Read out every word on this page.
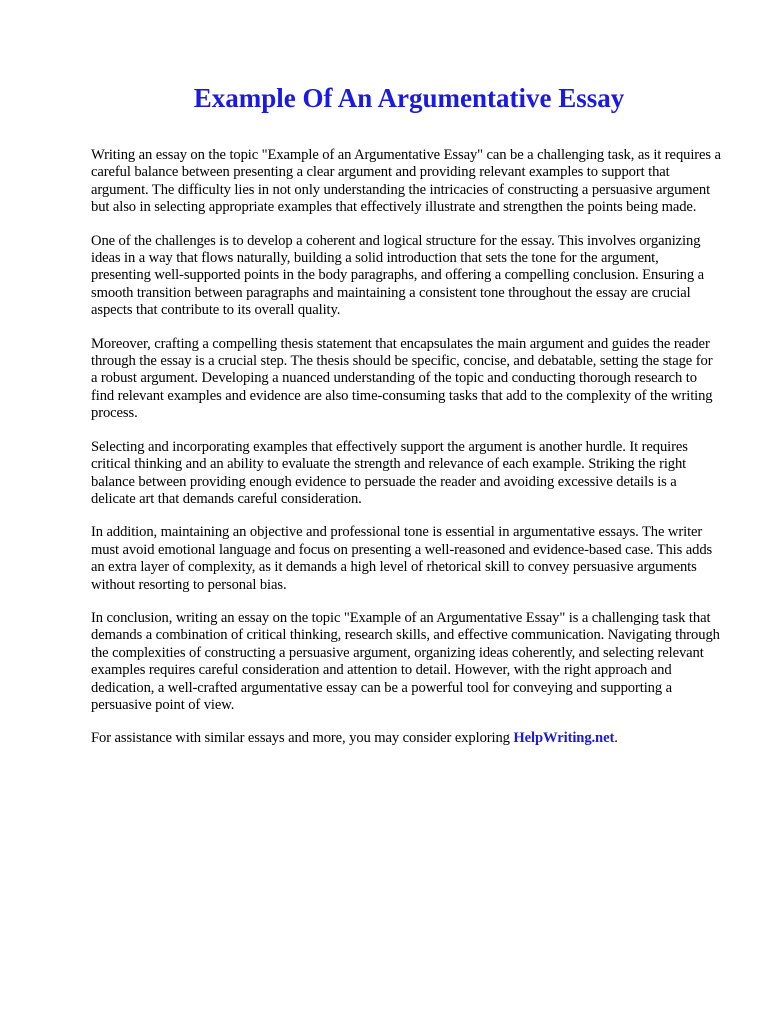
Example Of An Argumentative Essay

Writing an essay on the topic "Example of an Argumentative Essay" can be a challenging task, as it requires a careful balance between presenting a clear argument and providing relevant examples to support that argument. The difficulty lies in not only understanding the intricacies of constructing a persuasive argument but also in selecting appropriate examples that effectively illustrate and strengthen the points being made.

One of the challenges is to develop a coherent and logical structure for the essay. This involves organizing ideas in a way that flows naturally, building a solid introduction that sets the tone for the argument, presenting well-supported points in the body paragraphs, and offering a compelling conclusion. Ensuring a smooth transition between paragraphs and maintaining a consistent tone throughout the essay are crucial aspects that contribute to its overall quality.

Moreover, crafting a compelling thesis statement that encapsulates the main argument and guides the reader through the essay is a crucial step. The thesis should be specific, concise, and debatable, setting the stage for a robust argument. Developing a nuanced understanding of the topic and conducting thorough research to find relevant examples and evidence are also time-consuming tasks that add to the complexity of the writing process.

Selecting and incorporating examples that effectively support the argument is another hurdle. It requires critical thinking and an ability to evaluate the strength and relevance of each example. Striking the right balance between providing enough evidence to persuade the reader and avoiding excessive details is a delicate art that demands careful consideration.

In addition, maintaining an objective and professional tone is essential in argumentative essays. The writer must avoid emotional language and focus on presenting a well-reasoned and evidence-based case. This adds an extra layer of complexity, as it demands a high level of rhetorical skill to convey persuasive arguments without resorting to personal bias.

In conclusion, writing an essay on the topic "Example of an Argumentative Essay" is a challenging task that demands a combination of critical thinking, research skills, and effective communication. Navigating through the complexities of constructing a persuasive argument, organizing ideas coherently, and selecting relevant examples requires careful consideration and attention to detail. However, with the right approach and dedication, a well-crafted argumentative essay can be a powerful tool for conveying and supporting a persuasive point of view.

For assistance with similar essays and more, you may consider exploring HelpWriting.net.
